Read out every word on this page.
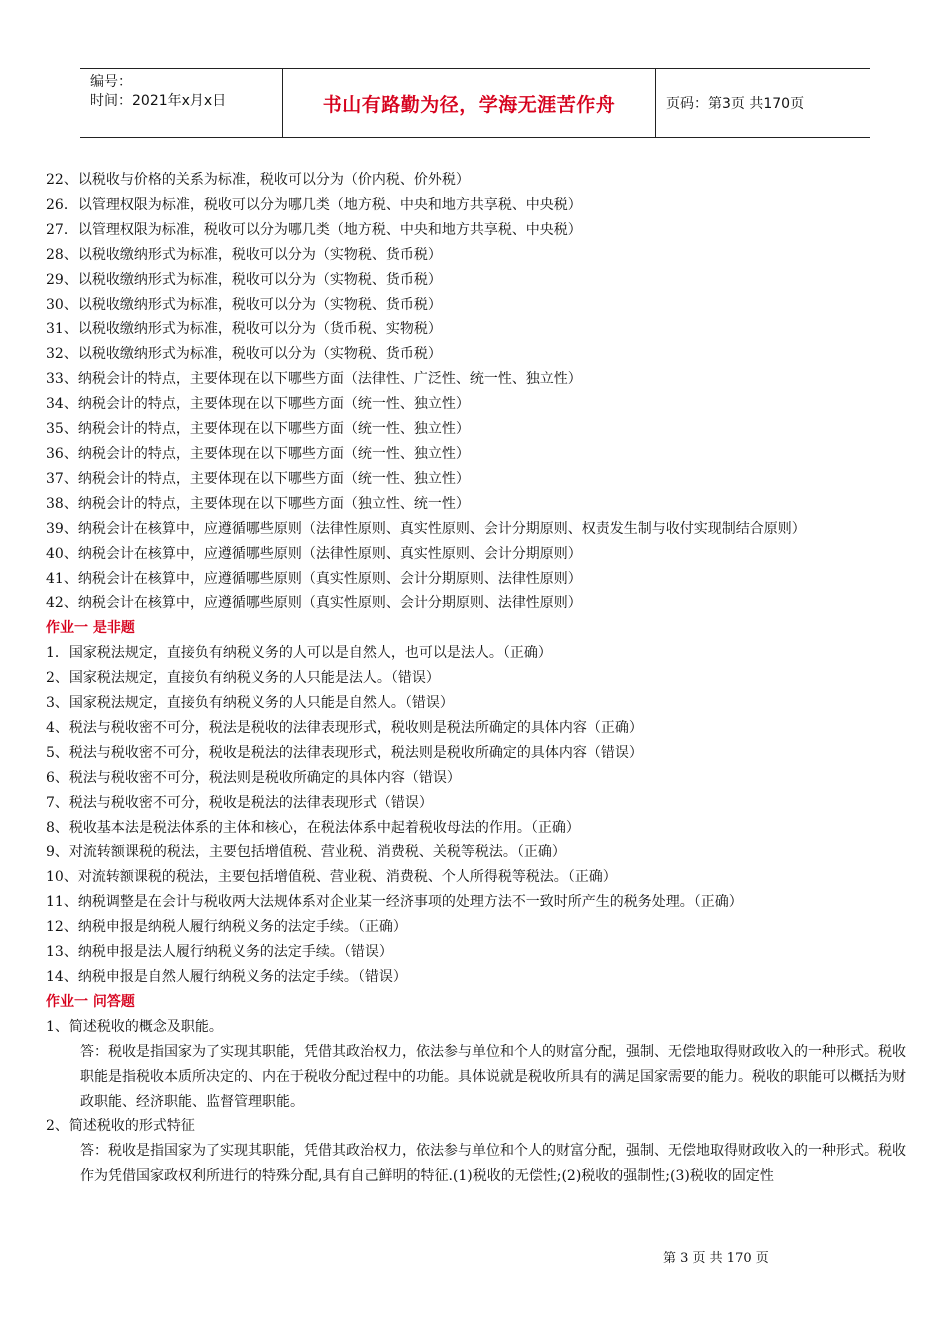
编号：
时间：2021年x月x日	书山有路勤为径，学海无涯苦作舟	页码：第3页 共170页
22、以税收与价格的关系为标准，税收可以分为（价内税、价外税）
26．以管理权限为标准，税收可以分为哪几类（地方税、中央和地方共享税、中央税）
27．以管理权限为标准，税收可以分为哪几类（地方税、中央和地方共享税、中央税）
28、以税收缴纳形式为标准，税收可以分为（实物税、货币税）
29、以税收缴纳形式为标准，税收可以分为（实物税、货币税）
30、以税收缴纳形式为标准，税收可以分为（实物税、货币税）
31、以税收缴纳形式为标准，税收可以分为（货币税、实物税）
32、以税收缴纳形式为标准，税收可以分为（实物税、货币税）
33、纳税会计的特点，主要体现在以下哪些方面（法律性、广泛性、统一性、独立性）
34、纳税会计的特点，主要体现在以下哪些方面（统一性、独立性）
35、纳税会计的特点，主要体现在以下哪些方面（统一性、独立性）
36、纳税会计的特点，主要体现在以下哪些方面（统一性、独立性）
37、纳税会计的特点，主要体现在以下哪些方面（统一性、独立性）
38、纳税会计的特点，主要体现在以下哪些方面（独立性、统一性）
39、纳税会计在核算中，应遵循哪些原则（法律性原则、真实性原则、会计分期原则、权责发生制与收付实现制结合原则）
40、纳税会计在核算中，应遵循哪些原则（法律性原则、真实性原则、会计分期原则）
41、纳税会计在核算中，应遵循哪些原则（真实性原则、会计分期原则、法律性原则）
42、纳税会计在核算中，应遵循哪些原则（真实性原则、会计分期原则、法律性原则）
作业一 是非题
1．国家税法规定，直接负有纳税义务的人可以是自然人，也可以是法人。（正确）
2、国家税法规定，直接负有纳税义务的人只能是法人。（错误）
3、国家税法规定，直接负有纳税义务的人只能是自然人。（错误）
4、税法与税收密不可分，税法是税收的法律表现形式，税收则是税法所确定的具体内容（正确）
5、税法与税收密不可分，税收是税法的法律表现形式，税法则是税收所确定的具体内容（错误）
6、税法与税收密不可分，税法则是税收所确定的具体内容（错误）
7、税法与税收密不可分，税收是税法的法律表现形式（错误）
8、税收基本法是税法体系的主体和核心，在税法体系中起着税收母法的作用。（正确）
9、对流转额课税的税法，主要包括增值税、营业税、消费税、关税等税法。（正确）
10、对流转额课税的税法，主要包括增值税、营业税、消费税、个人所得税等税法。（正确）
11、纳税调整是在会计与税收两大法规体系对企业某一经济事项的处理方法不一致时所产生的税务处理。（正确）
12、纳税申报是纳税人履行纳税义务的法定手续。（正确）
13、纳税申报是法人履行纳税义务的法定手续。（错误）
14、纳税申报是自然人履行纳税义务的法定手续。（错误）
作业一 问答题
1、简述税收的概念及职能。
答：税收是指国家为了实现其职能，凭借其政治权力，依法参与单位和个人的财富分配，强制、无偿地取得财政收入的一种形式。税收职能是指税收本质所决定的、内在于税收分配过程中的功能。具体说就是税收所具有的满足国家需要的能力。税收的职能可以概括为财政职能、经济职能、监督管理职能。
2、简述税收的形式特征
答：税收是指国家为了实现其职能，凭借其政治权力，依法参与单位和个人的财富分配，强制、无偿地取得财政收入的一种形式。税收作为凭借国家政权利所进行的特殊分配,具有自己鲜明的特征.(1)税收的无偿性;(2)税收的强制性;(3)税收的固定性
第 3 页 共 170 页
